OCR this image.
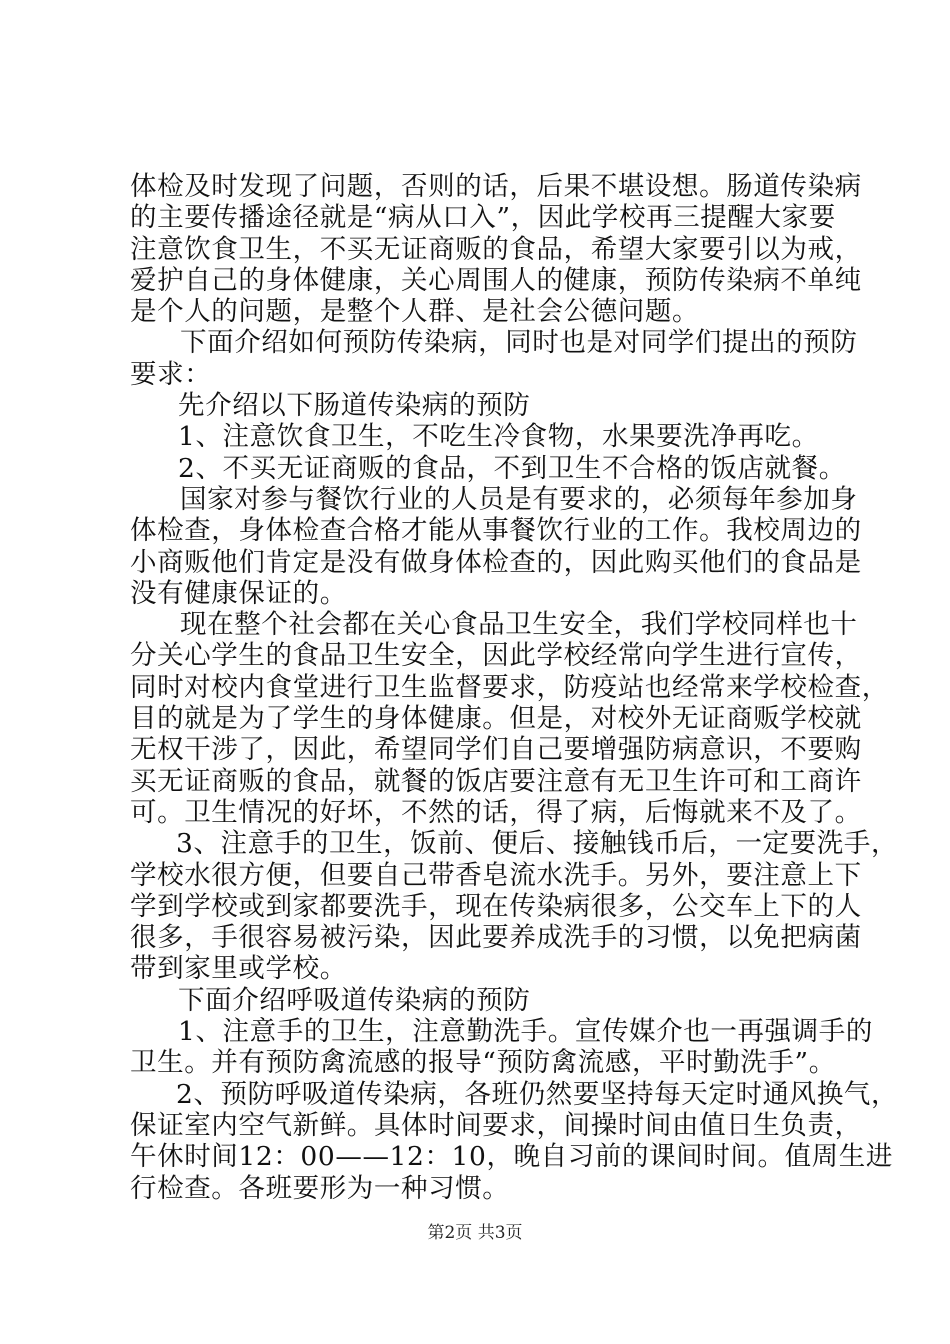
体检及时发现了问题，否则的话，后果不堪设想。肠道传染病
的主要传播途径就是“病从口入”，因此学校再三提醒大家要
注意饮食卫生，不买无证商贩的食品，希望大家要引以为戒，
爱护自己的身体健康，关心周围人的健康，预防传染病不单纯
是个人的问题，是整个人群、是社会公德问题。
下面介绍如何预防传染病，同时也是对同学们提出的预防
要求：
先介绍以下肠道传染病的预防
1、注意饮食卫生，不吃生冷食物，水果要洗净再吃。
2、不买无证商贩的食品，不到卫生不合格的饭店就餐。
国家对参与餐饮行业的人员是有要求的，必须每年参加身
体检查，身体检查合格才能从事餐饮行业的工作。我校周边的
小商贩他们肯定是没有做身体检查的，因此购买他们的食品是
没有健康保证的。
现在整个社会都在关心食品卫生安全，我们学校同样也十
分关心学生的食品卫生安全，因此学校经常向学生进行宣传，
同时对校内食堂进行卫生监督要求，防疫站也经常来学校检查，
目的就是为了学生的身体健康。但是，对校外无证商贩学校就
无权干涉了，因此，希望同学们自己要增强防病意识，不要购
买无证商贩的食品，就餐的饭店要注意有无卫生许可和工商许
可。卫生情况的好坏，不然的话，得了病，后悔就来不及了。
3、注意手的卫生，饭前、便后、接触钱币后，一定要洗手，
学校水很方便，但要自己带香皂流水洗手。另外，要注意上下
学到学校或到家都要洗手，现在传染病很多，公交车上下的人
很多，手很容易被污染，因此要养成洗手的习惯，以免把病菌
带到家里或学校。
下面介绍呼吸道传染病的预防
1、注意手的卫生，注意勤洗手。宣传媒介也一再强调手的
卫生。并有预防禽流感的报导“预防禽流感，平时勤洗手”。
2、预防呼吸道传染病，各班仍然要坚持每天定时通风换气，
保证室内空气新鲜。具体时间要求，间操时间由值日生负责，
午休时间12：00——12：10，晚自习前的课间时间。值周生进
行检查。各班要形为一种习惯。
第2页 共3页
